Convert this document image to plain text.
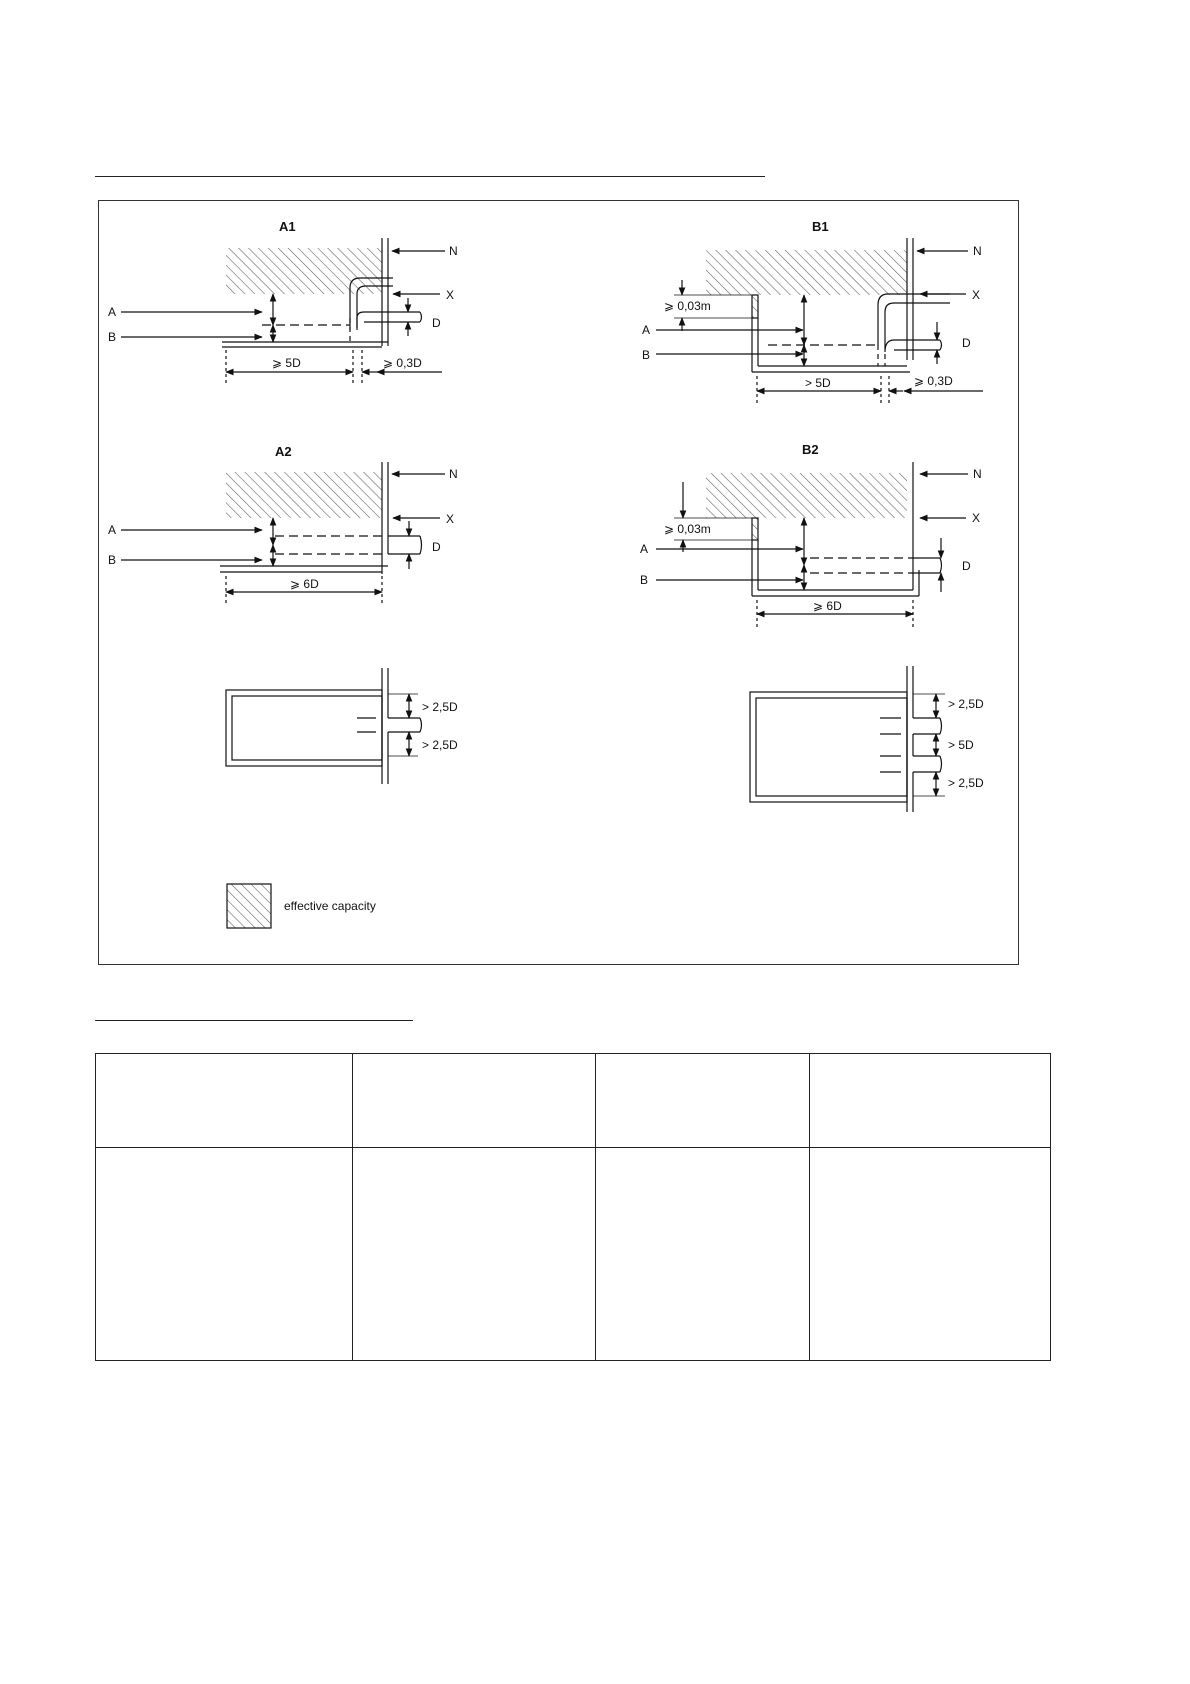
A1
N
X
A
B
D
⩾ 5D	⩾ 0,3D
B1
N
X
A
B
D
⩾ 0,03m
> 5D	⩾ 0,3D
A2
N
X
A
B
D
⩾ 6D
B2
N
X
A
B
D
⩾ 0,03m
⩾ 6D
> 2,5D
> 2,5D
> 2,5D
> 5D
> 2,5D
effective capacity
